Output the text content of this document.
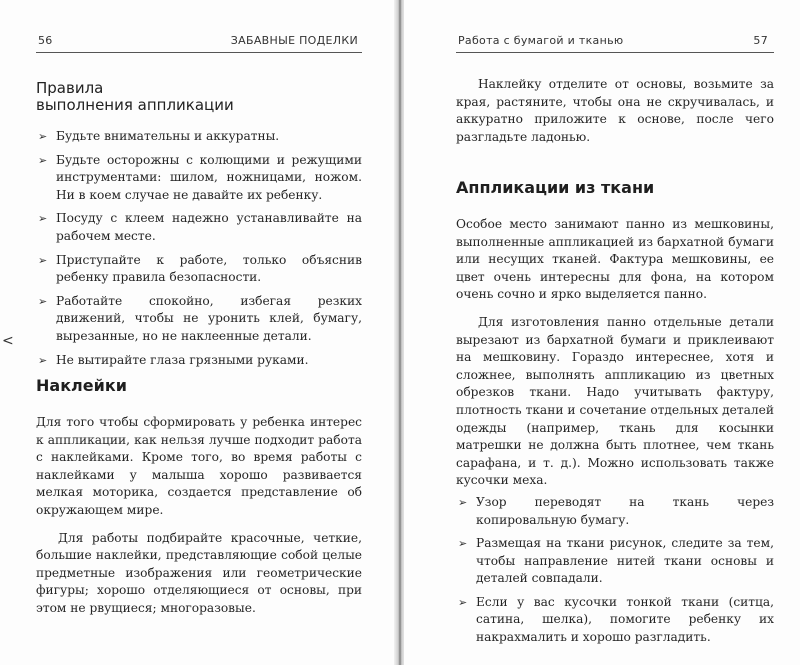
56	ЗАБАВНЫЕ ПОДЕЛКИ
Правила
выполнения аппликации
➢ Будьте внимательны и аккуратны.
➢ Будьте осторожны с колющими и режущими инструментами: шилом, ножницами, ножом. Ни в коем случае не давайте их ребенку.
➢ Посуду с клеем надежно устанавливайте на рабочем месте.
➢ Приступайте к работе, только объяснив ребенку правила безопасности.
➢ Работайте спокойно, избегая резких движений, чтобы не уронить клей, бумагу, вырезанные, но не наклеенные детали.
➢ Не вытирайте глаза грязными руками.
Наклейки

Для того чтобы сформировать у ребенка интерес к аппликации, как нельзя лучше подходит работа с наклейками. Кроме того, во время работы с наклейками у малыша хорошо развивается мелкая моторика, создается представление об окружающем мире.

Для работы подбирайте красочные, четкие, большие наклейки, представляющие собой целые предметные изображения или геометрические фигуры; хорошо отделяющиеся от основы, при этом не рвущиеся; многоразовые.

<
Работа с бумагой и тканью	57

Наклейку отделите от основы, возьмите за края, растяните, чтобы она не скручивалась, и аккуратно приложите к основе, после чего разгладьте ладонью.

Аппликации из ткани

Особое место занимают панно из мешковины, выполненные аппликацией из бархатной бумаги или несущих тканей. Фактура мешковины, ее цвет очень интересны для фона, на котором очень сочно и ярко выделяется панно.

Для изготовления панно отдельные детали вырезают из бархатной бумаги и приклеивают на мешковину. Гораздо интереснее, хотя и сложнее, выполнять аппликацию из цветных обрезков ткани. Надо учитывать фактуру, плотность ткани и сочетание отдельных деталей одежды (например, ткань для косынки матрешки не должна быть плотнее, чем ткань сарафана, и т. д.). Можно использовать также кусочки меха.

➢ Узор переводят на ткань через копировальную бумагу.
➢ Размещая на ткани рисунок, следите за тем, чтобы направление нитей ткани основы и деталей совпадали.
➢ Если у вас кусочки тонкой ткани (ситца, сатина, шелка), помогите ребенку их накрахмалить и хорошо разгладить.
